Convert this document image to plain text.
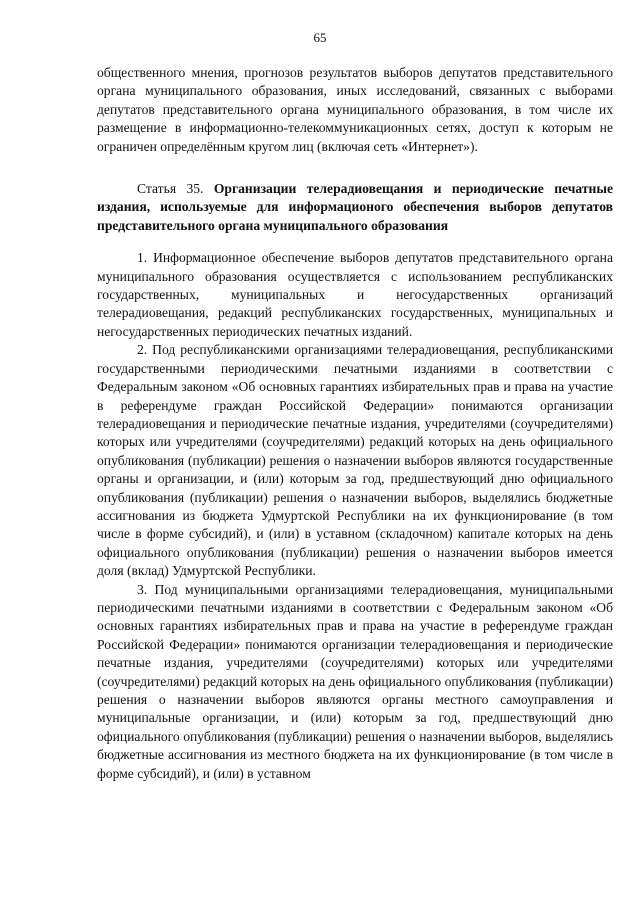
65

общественного мнения, прогнозов результатов выборов депутатов представительного органа муниципального образования, иных исследований, связанных с выборами депутатов представительного органа муниципального образования, в том числе их размещение в информационно-телекоммуникационных сетях, доступ к которым не ограничен определённым кругом лиц (включая сеть «Интернет»).

Статья 35. Организации телерадиовещания и периодические печатные издания, используемые для информационого обеспечения выборов депутатов представительного органа муниципального образования

1. Информационное обеспечение выборов депутатов представительного органа муниципального образования осуществляется с использованием республиканских государственных, муниципальных и негосударственных организаций телерадиовещания, редакций республиканских государственных, муниципальных и негосударственных периодических печатных изданий.

2. Под республиканскими организациями телерадиовещания, республиканскими государственными периодическими печатными изданиями в соответствии с Федеральным законом «Об основных гарантиях избирательных прав и права на участие в референдуме граждан Российской Федерации» понимаются организации телерадиовещания и периодические печатные издания, учредителями (соучредителями) которых или учредителями (соучредителями) редакций которых на день официального опубликования (публикации) решения о назначении выборов являются государственные органы и организации, и (или) которым за год, предшествующий дню официального опубликования (публикации) решения о назначении выборов, выделялись бюджетные ассигнования из бюджета Удмуртской Республики на их функционирование (в том числе в форме субсидий), и (или) в уставном (складочном) капитале которых на день официального опубликования (публикации) решения о назначении выборов имеется доля (вклад) Удмуртской Республики.

3. Под муниципальными организациями телерадиовещания, муниципальными периодическими печатными изданиями в соответствии с Федеральным законом «Об основных гарантиях избирательных прав и права на участие в референдуме граждан Российской Федерации» понимаются организации телерадиовещания и периодические печатные издания, учредителями (соучредителями) которых или учредителями (соучредителями) редакций которых на день официального опубликования (публикации) решения о назначении выборов являются органы местного самоуправления и муниципальные организации, и (или) которым за год, предшествующий дню официального опубликования (публикации) решения о назначении выборов, выделялись бюджетные ассигнования из местного бюджета на их функционирование (в том числе в форме субсидий), и (или) в уставном
